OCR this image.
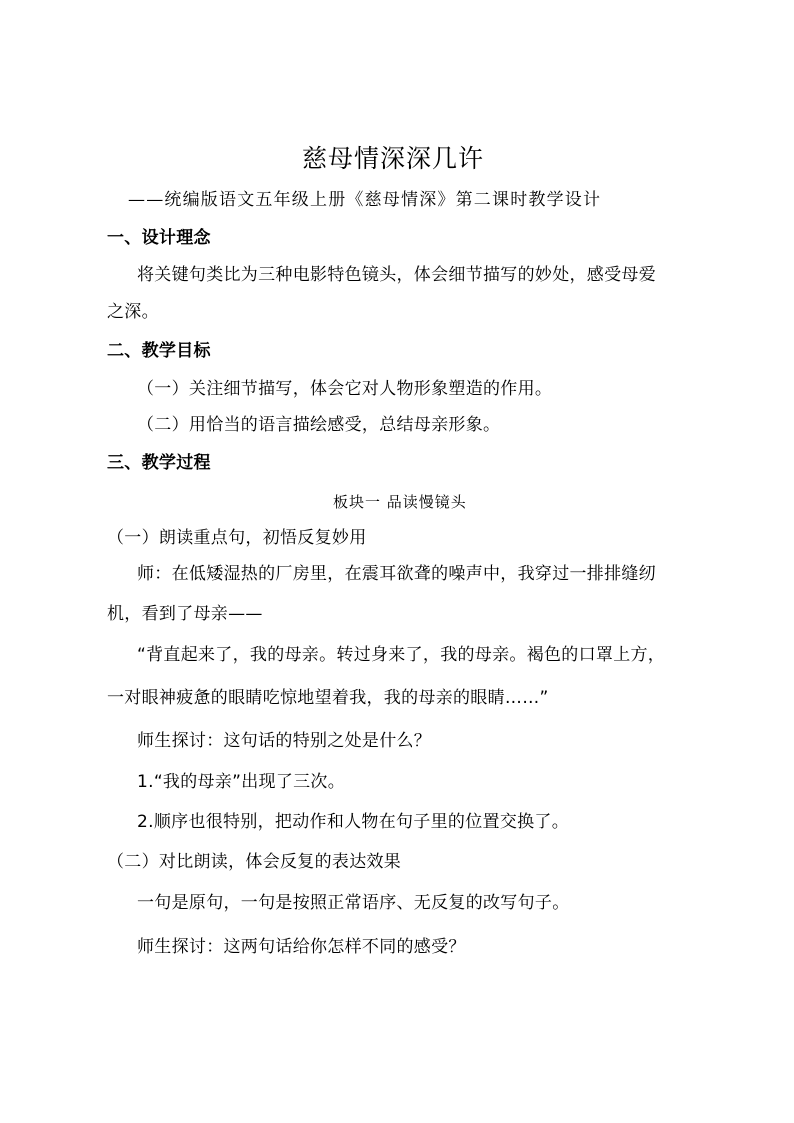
慈母情深深几许
——统编版语文五年级上册《慈母情深》第二课时教学设计
一、设计理念
将关键句类比为三种电影特色镜头，体会细节描写的妙处，感受母爱
之深。
二、教学目标
（一）关注细节描写，体会它对人物形象塑造的作用。
（二）用恰当的语言描绘感受，总结母亲形象。
三、教学过程
板块一 品读慢镜头
（一）朗读重点句，初悟反复妙用
师：在低矮湿热的厂房里，在震耳欲聋的噪声中，我穿过一排排缝纫
机，看到了母亲——
“背直起来了，我的母亲。转过身来了，我的母亲。褐色的口罩上方，
一对眼神疲惫的眼睛吃惊地望着我，我的母亲的眼睛……”
师生探讨：这句话的特别之处是什么？
1.“我的母亲”出现了三次。
2.顺序也很特别，把动作和人物在句子里的位置交换了。
（二）对比朗读，体会反复的表达效果
一句是原句，一句是按照正常语序、无反复的改写句子。
师生探讨：这两句话给你怎样不同的感受？
